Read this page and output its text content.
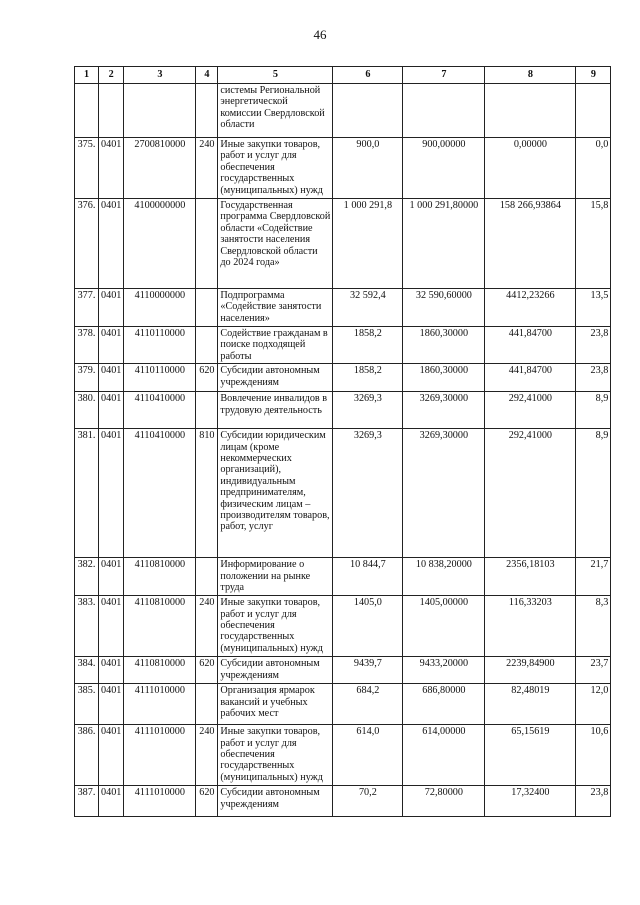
46
1	2	3	4	5	6	7	8	9
				системы Региональной энергетической комиссии Свердловской области				
375.	0401	2700810000	240	Иные закупки товаров, работ и услуг для обеспечения государственных (муниципальных) нужд	900,0	900,00000	0,00000	0,0
376.	0401	4100000000		Государственная программа Свердловской области «Содействие занятости населения Свердловской области до 2024 года»	1 000 291,8	1 000 291,80000	158 266,93864	15,8
377.	0401	4110000000		Подпрограмма «Содействие занятости населения»	32 592,4	32 590,60000	4412,23266	13,5
378.	0401	4110110000		Содействие гражданам в поиске подходящей работы	1858,2	1860,30000	441,84700	23,8
379.	0401	4110110000	620	Субсидии автономным учреждениям	1858,2	1860,30000	441,84700	23,8
380.	0401	4110410000		Вовлечение инвалидов в трудовую деятельность	3269,3	3269,30000	292,41000	8,9
381.	0401	4110410000	810	Субсидии юридическим лицам (кроме некоммерческих организаций), индивидуальным предпринимателям, физическим лицам – производителям товаров, работ, услуг	3269,3	3269,30000	292,41000	8,9
382.	0401	4110810000		Информирование о положении на рынке труда	10 844,7	10 838,20000	2356,18103	21,7
383.	0401	4110810000	240	Иные закупки товаров, работ и услуг для обеспечения государственных (муниципальных) нужд	1405,0	1405,00000	116,33203	8,3
384.	0401	4110810000	620	Субсидии автономным учреждениям	9439,7	9433,20000	2239,84900	23,7
385.	0401	4111010000		Организация ярмарок вакансий и учебных рабочих мест	684,2	686,80000	82,48019	12,0
386.	0401	4111010000	240	Иные закупки товаров, работ и услуг для обеспечения государственных (муниципальных) нужд	614,0	614,00000	65,15619	10,6
387.	0401	4111010000	620	Субсидии автономным учреждениям	70,2	72,80000	17,32400	23,8
